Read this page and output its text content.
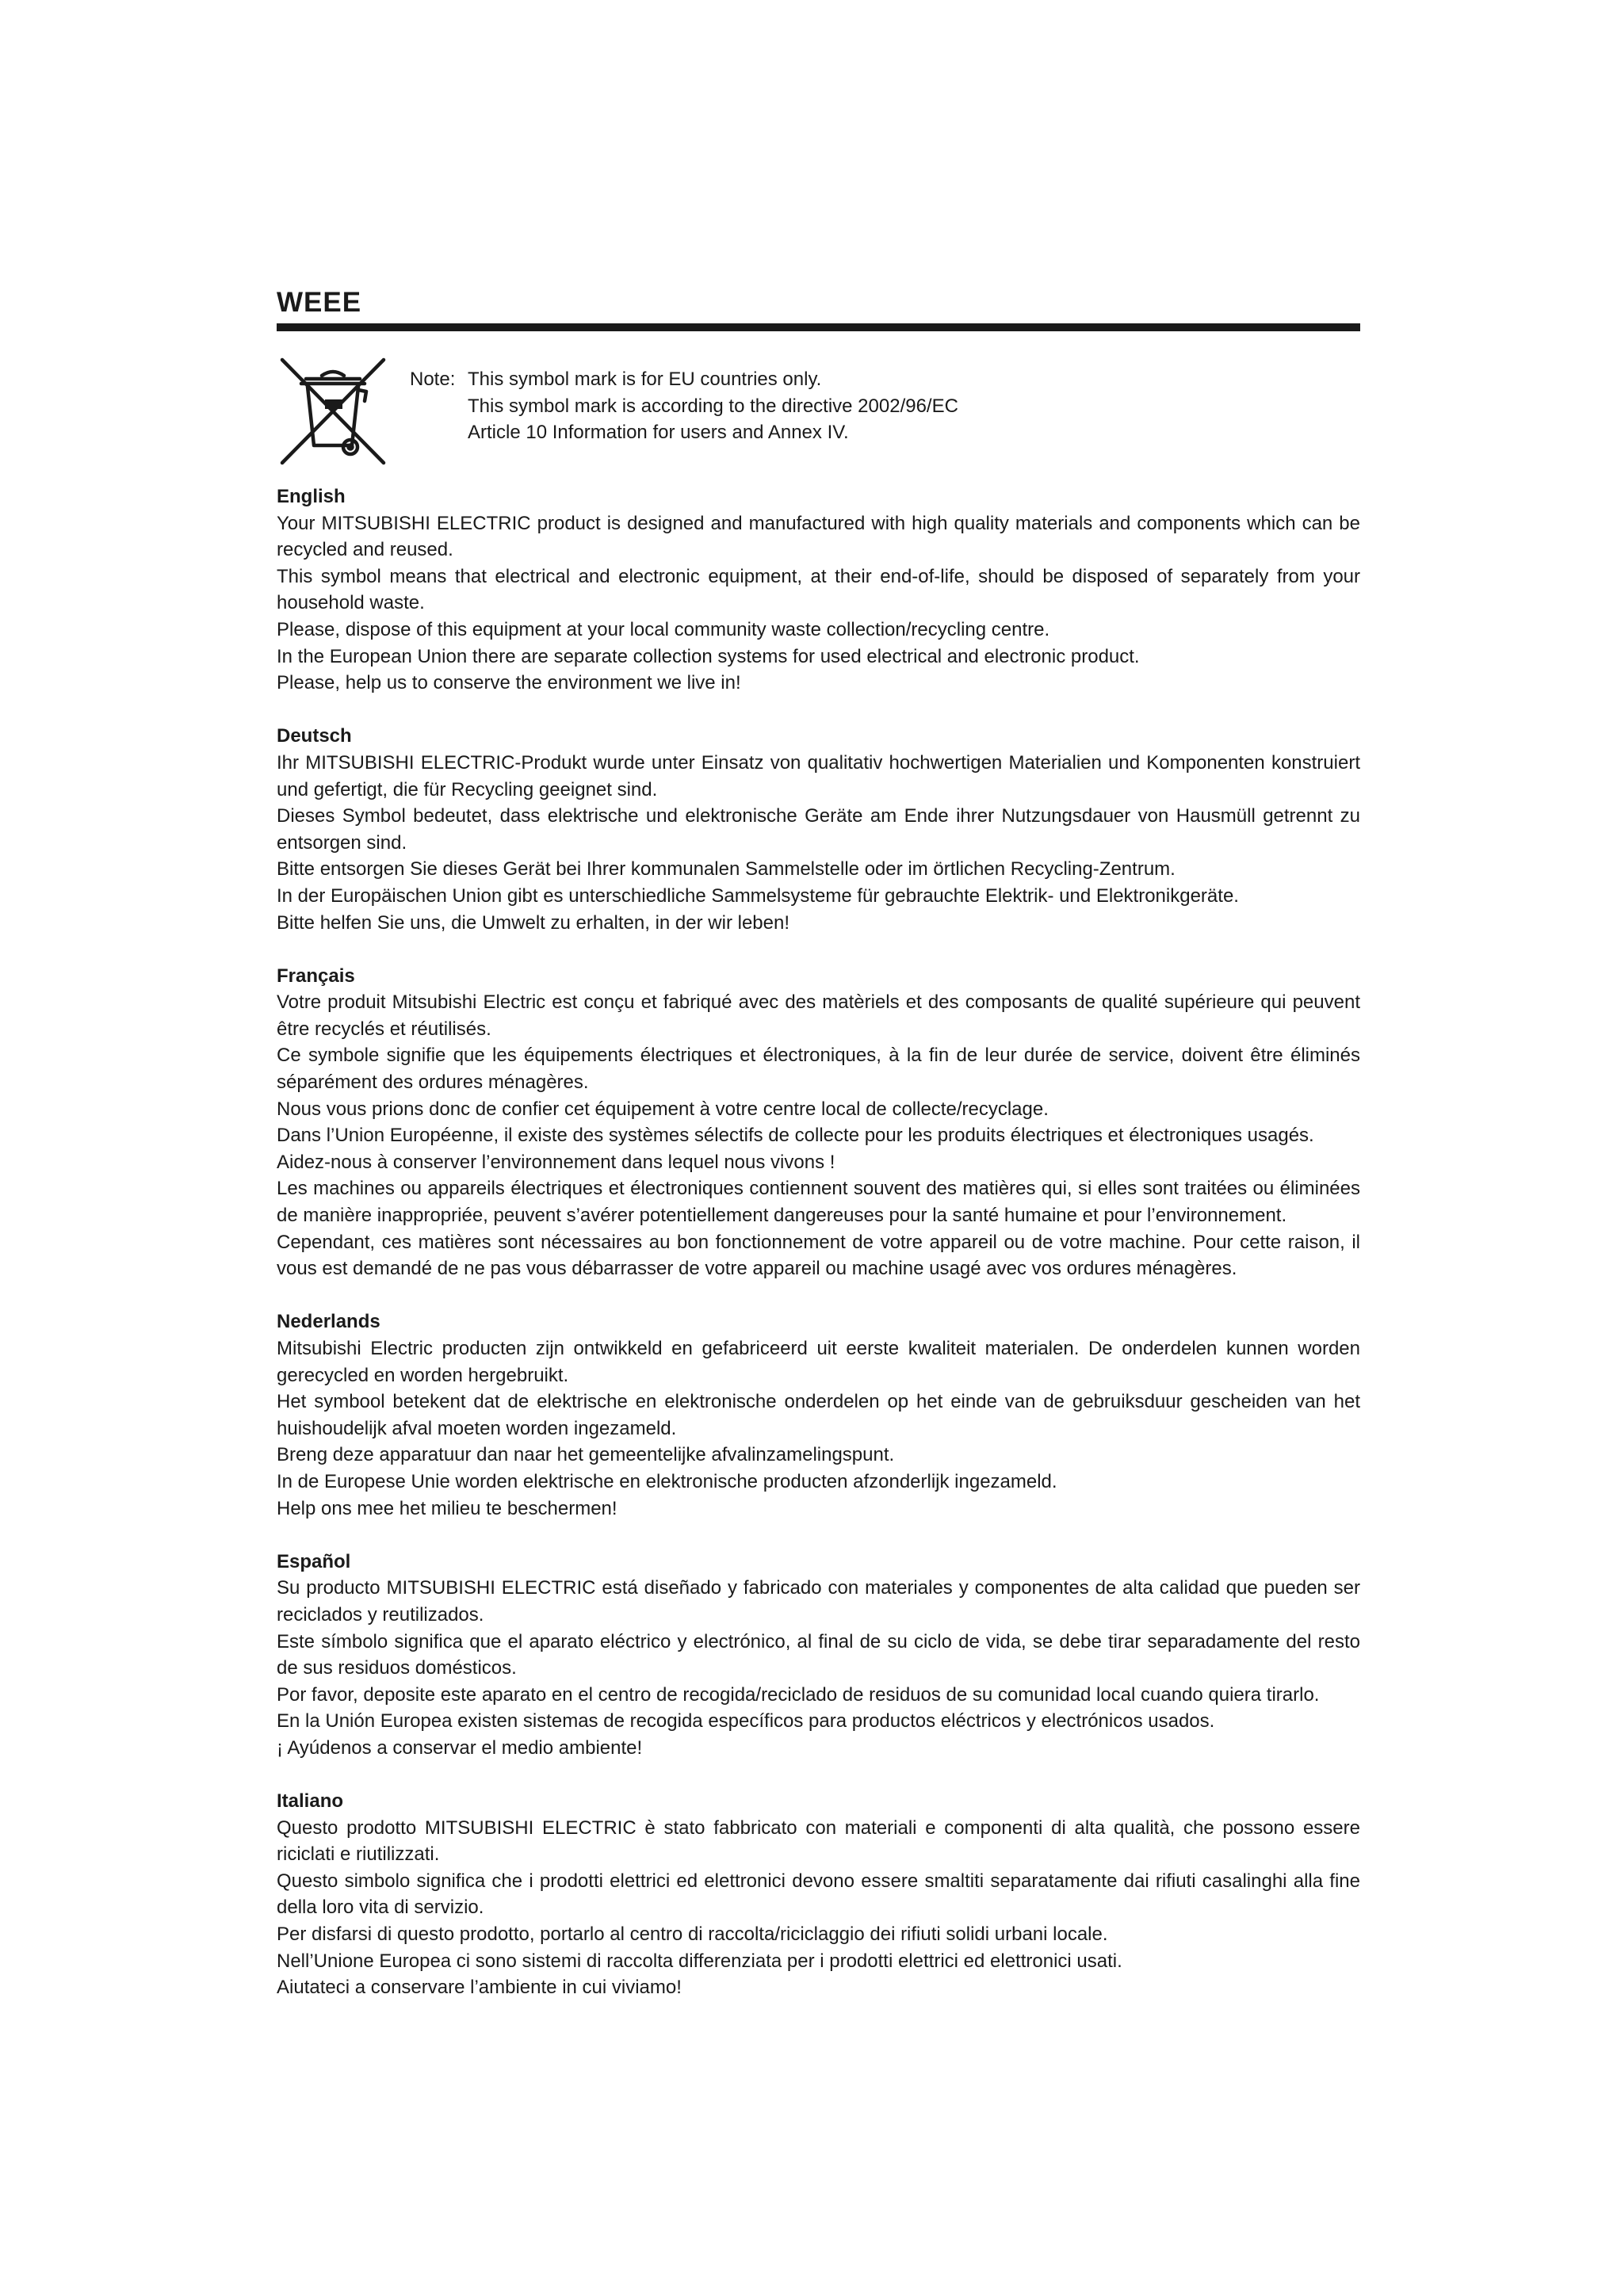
WEEE
Note: This symbol mark is for EU countries only.
This symbol mark is according to the directive 2002/96/EC
Article 10 Information for users and Annex IV.
English

Your MITSUBISHI ELECTRIC product is designed and manufactured with high quality materials and components which can be recycled and reused.

This symbol means that electrical and electronic equipment, at their end-of-life, should be disposed of separately from your household waste.

Please, dispose of this equipment at your local community waste collection/recycling centre.

In the European Union there are separate collection systems for used electrical and electronic product.

Please, help us to conserve the environment we live in!

Deutsch

Ihr MITSUBISHI ELECTRIC-Produkt wurde unter Einsatz von qualitativ hochwertigen Materialien und Komponenten konstruiert und gefertigt, die für Recycling geeignet sind.

Dieses Symbol bedeutet, dass elektrische und elektronische Geräte am Ende ihrer Nutzungsdauer von Hausmüll getrennt zu entsorgen sind.

Bitte entsorgen Sie dieses Gerät bei Ihrer kommunalen Sammelstelle oder im örtlichen Recycling-Zentrum.

In der Europäischen Union gibt es unterschiedliche Sammelsysteme für gebrauchte Elektrik- und Elektronikgeräte.

Bitte helfen Sie uns, die Umwelt zu erhalten, in der wir leben!

Français

Votre produit Mitsubishi Electric est conçu et fabriqué avec des matèriels et des composants de qualité supérieure qui peuvent être recyclés et réutilisés.

Ce symbole signifie que les équipements électriques et électroniques, à la fin de leur durée de service, doivent être éliminés séparément des ordures ménagères.

Nous vous prions donc de confier cet équipement à votre centre local de collecte/recyclage.

Dans l’Union Européenne, il existe des systèmes sélectifs de collecte pour les produits électriques et électroniques usagés.

Aidez-nous à conserver l’environnement dans lequel nous vivons !

Les machines ou appareils électriques et électroniques contiennent souvent des matières qui, si elles sont traitées ou éliminées de manière inappropriée, peuvent s’avérer potentiellement dangereuses pour la santé humaine et pour l’environnement.

Cependant, ces matières sont nécessaires au bon fonctionnement de votre appareil ou de votre machine. Pour cette raison, il vous est demandé de ne pas vous débarrasser de votre appareil ou machine usagé avec vos ordures ménagères.

Nederlands

Mitsubishi Electric producten zijn ontwikkeld en gefabriceerd uit eerste kwaliteit materialen. De onderdelen kunnen worden gerecycled en worden hergebruikt.

Het symbool betekent dat de elektrische en elektronische onderdelen op het einde van de gebruiksduur gescheiden van het huishoudelijk afval moeten worden ingezameld.

Breng deze apparatuur dan naar het gemeentelijke afvalinzamelingspunt.

In de Europese Unie worden elektrische en elektronische producten afzonderlijk ingezameld.

Help ons mee het milieu te beschermen!

Español

Su producto MITSUBISHI ELECTRIC está diseñado y fabricado con materiales y componentes de alta calidad que pueden ser reciclados y reutilizados.

Este símbolo significa que el aparato eléctrico y electrónico, al final de su ciclo de vida, se debe tirar separadamente del resto de sus residuos domésticos.

Por favor, deposite este aparato en el centro de recogida/reciclado de residuos de su comunidad local cuando quiera tirarlo.

En la Unión Europea existen sistemas de recogida específicos para productos eléctricos y electrónicos usados.

¡ Ayúdenos a conservar el medio ambiente!

Italiano

Questo prodotto MITSUBISHI ELECTRIC è stato fabbricato con materiali e componenti di alta qualità, che possono essere riciclati e riutilizzati.

Questo simbolo significa che i prodotti elettrici ed elettronici devono essere smaltiti separatamente dai rifiuti casalinghi alla fine della loro vita di servizio.

Per disfarsi di questo prodotto, portarlo al centro di raccolta/riciclaggio dei rifiuti solidi urbani locale.

Nell’Unione Europea ci sono sistemi di raccolta differenziata per i prodotti elettrici ed elettronici usati.

Aiutateci a conservare l’ambiente in cui viviamo!
